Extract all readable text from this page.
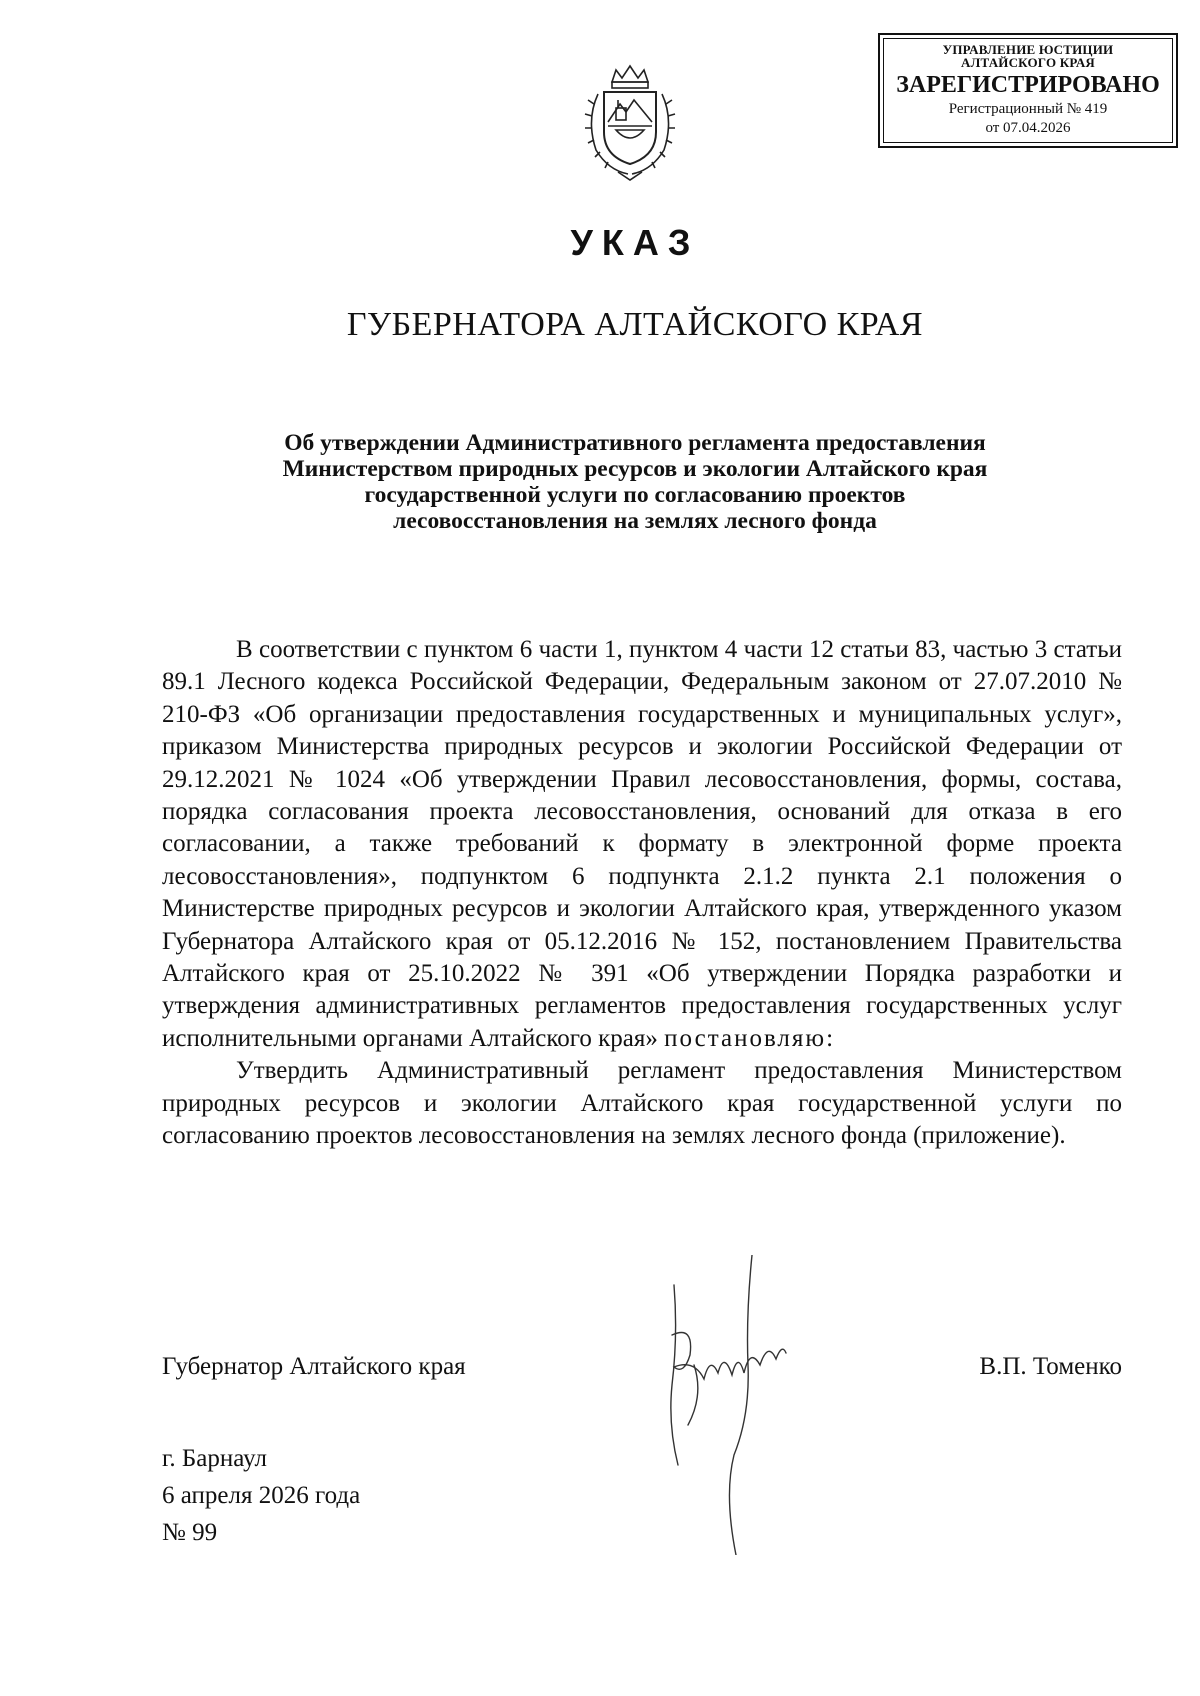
УПРАВЛЕНИЕ ЮСТИЦИИ
АЛТАЙСКОГО КРАЯ
ЗАРЕГИСТРИРОВАНО
Регистрационный № 419
от 07.04.2026
УКАЗ
ГУБЕРНАТОРА АЛТАЙСКОГО КРАЯ
Об утверждении Административного регламента предоставления
Министерством природных ресурсов и экологии Алтайского края
государственной услуги по согласованию проектов
лесовосстановления на землях лесного фонда

В соответствии с пунктом 6 части 1, пунктом 4 части 12 статьи 83, частью 3 статьи 89.1 Лесного кодекса Российской Федерации, Федеральным законом от 27.07.2010 № 210-ФЗ «Об организации предоставления государственных и муниципальных услуг», приказом Министерства природных ресурсов и экологии Российской Федерации от 29.12.2021 № 1024 «Об утверждении Правил лесовосстановления, формы, состава, порядка согласования проекта лесовосстановления, оснований для отказа в его согласовании, а также требований к формату в электронной форме проекта лесовосстановления», подпунктом 6 подпункта 2.1.2 пункта 2.1 положения о Министерстве природных ресурсов и экологии Алтайского края, утвержденного указом Губернатора Алтайского края от 05.12.2016 № 152, постановлением Правительства Алтайского края от 25.10.2022 № 391 «Об утверждении Порядка разработки и утверждения административных регламентов предоставления государственных услуг исполнительными органами Алтайского края» постановляю:

Утвердить Административный регламент предоставления Министерством природных ресурсов и экологии Алтайского края государственной услуги по согласованию проектов лесовосстановления на землях лесного фонда (приложение).

Губернатор Алтайского края	В.П. Томенко
г. Барнаул
6 апреля 2026 года
№ 99
